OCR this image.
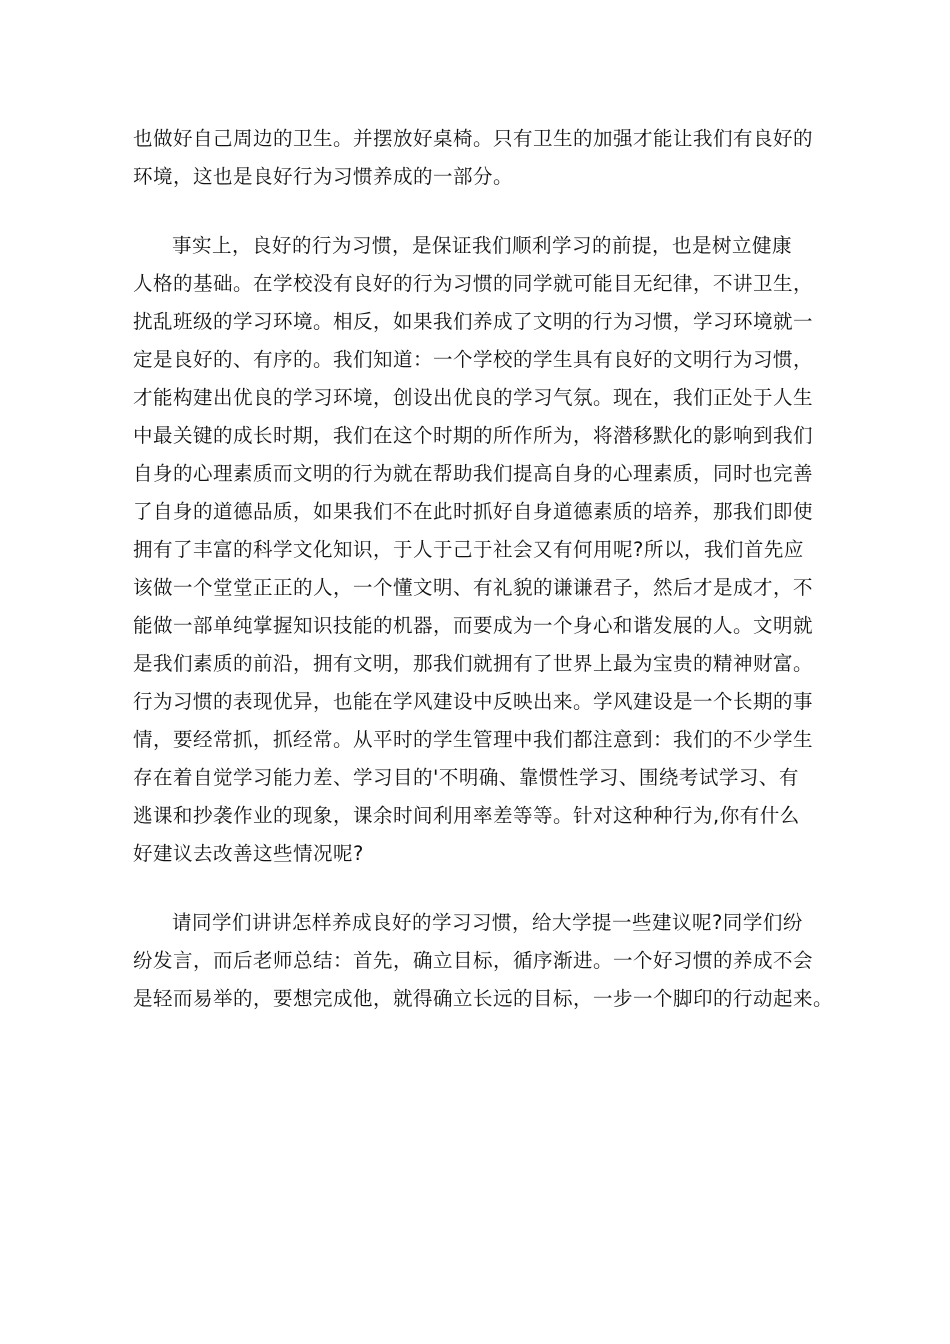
也做好自己周边的卫生。并摆放好桌椅。只有卫生的加强才能让我们有良好的
环境，这也是良好行为习惯养成的一部分。

事实上，良好的行为习惯，是保证我们顺利学习的前提，也是树立健康
人格的基础。在学校没有良好的行为习惯的同学就可能目无纪律，不讲卫生，
扰乱班级的学习环境。相反，如果我们养成了文明的行为习惯，学习环境就一
定是良好的、有序的。我们知道：一个学校的学生具有良好的文明行为习惯，
才能构建出优良的学习环境，创设出优良的学习气氛。现在，我们正处于人生
中最关键的成长时期，我们在这个时期的所作所为，将潜移默化的影响到我们
自身的心理素质而文明的行为就在帮助我们提高自身的心理素质，同时也完善
了自身的道德品质，如果我们不在此时抓好自身道德素质的培养，那我们即使
拥有了丰富的科学文化知识，于人于己于社会又有何用呢?所以，我们首先应
该做一个堂堂正正的人，一个懂文明、有礼貌的谦谦君子，然后才是成才，不
能做一部单纯掌握知识技能的机器，而要成为一个身心和谐发展的人。文明就
是我们素质的前沿，拥有文明，那我们就拥有了世界上最为宝贵的精神财富。
行为习惯的表现优异，也能在学风建设中反映出来。学风建设是一个长期的事
情，要经常抓，抓经常。从平时的学生管理中我们都注意到：我们的不少学生
存在着自觉学习能力差、学习目的'不明确、靠惯性学习、围绕考试学习、有
逃课和抄袭作业的现象，课余时间利用率差等等。针对这种种行为,你有什么
好建议去改善这些情况呢?

请同学们讲讲怎样养成良好的学习习惯，给大学提一些建议呢?同学们纷
纷发言，而后老师总结：首先，确立目标，循序渐进。一个好习惯的养成不会
是轻而易举的，要想完成他，就得确立长远的目标，一步一个脚印的行动起来。
